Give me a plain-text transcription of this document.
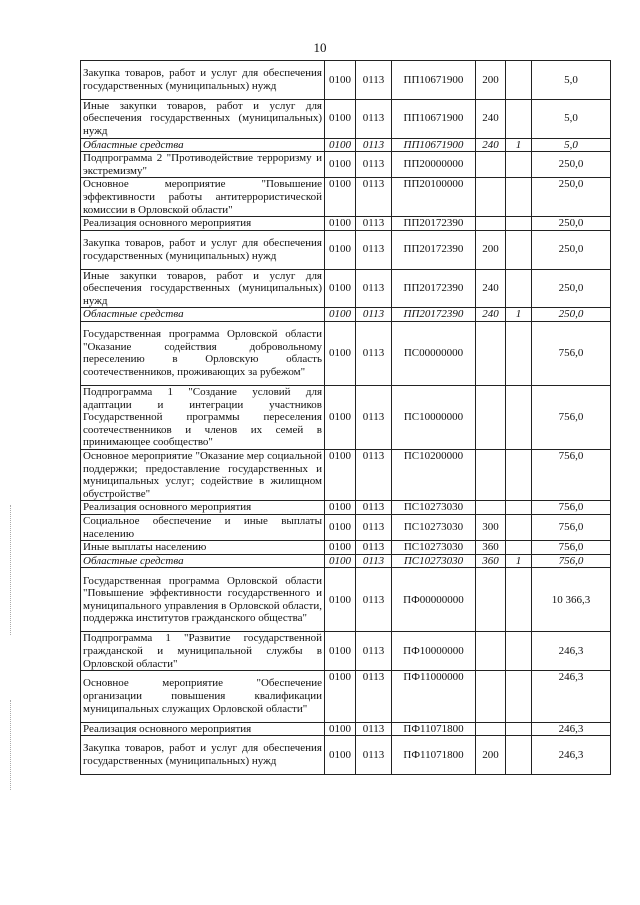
10
Закупка товаров, работ и услуг для обеспечения государственных (муниципальных) нужд	0100	0113	ПП10671900	200		5,0
Иные закупки товаров, работ и услуг для обеспечения государственных (муниципальных) нужд	0100	0113	ПП10671900	240		5,0
Областные средства	0100	0113	ПП10671900	240	1	5,0
Подпрограмма 2 "Противодействие терроризму и экстремизму"	0100	0113	ПП20000000			250,0
Основное мероприятие "Повышение эффективности работы антитеррористической комиссии в Орловской области"	0100	0113	ПП20100000			250,0
Реализация основного мероприятия	0100	0113	ПП20172390			250,0
Закупка товаров, работ и услуг для обеспечения государственных (муниципальных) нужд	0100	0113	ПП20172390	200		250,0
Иные закупки товаров, работ и услуг для обеспечения государственных (муниципальных) нужд	0100	0113	ПП20172390	240		250,0
Областные средства	0100	0113	ПП20172390	240	1	250,0
Государственная программа Орловской области "Оказание содействия добровольному переселению в Орловскую область соотечественников, проживающих за рубежом"	0100	0113	ПС00000000			756,0
Подпрограмма 1 "Создание условий для адаптации и интеграции участников Государственной программы переселения соотечественников и членов их семей в принимающее сообщество"	0100	0113	ПС10000000			756,0
Основное мероприятие "Оказание мер социальной поддержки; предоставление государственных и муниципальных услуг; содействие в жилищном обустройстве"	0100	0113	ПС10200000			756,0
Реализация основного мероприятия	0100	0113	ПС10273030			756,0
Социальное обеспечение и иные выплаты населению	0100	0113	ПС10273030	300		756,0
Иные выплаты населению	0100	0113	ПС10273030	360		756,0
Областные средства	0100	0113	ПС10273030	360	1	756,0
Государственная программа Орловской области "Повышение эффективности государственного и муниципального управления в Орловской области, поддержка институтов гражданского общества"	0100	0113	ПФ00000000			10 366,3
Подпрограмма 1 "Развитие государственной гражданской и муниципальной службы в Орловской области"	0100	0113	ПФ10000000			246,3
Основное мероприятие "Обеспечение организации повышения квалификации муниципальных служащих Орловской области"	0100	0113	ПФ11000000			246,3
Реализация основного мероприятия	0100	0113	ПФ11071800			246,3
Закупка товаров, работ и услуг для обеспечения государственных (муниципальных) нужд	0100	0113	ПФ11071800	200		246,3
